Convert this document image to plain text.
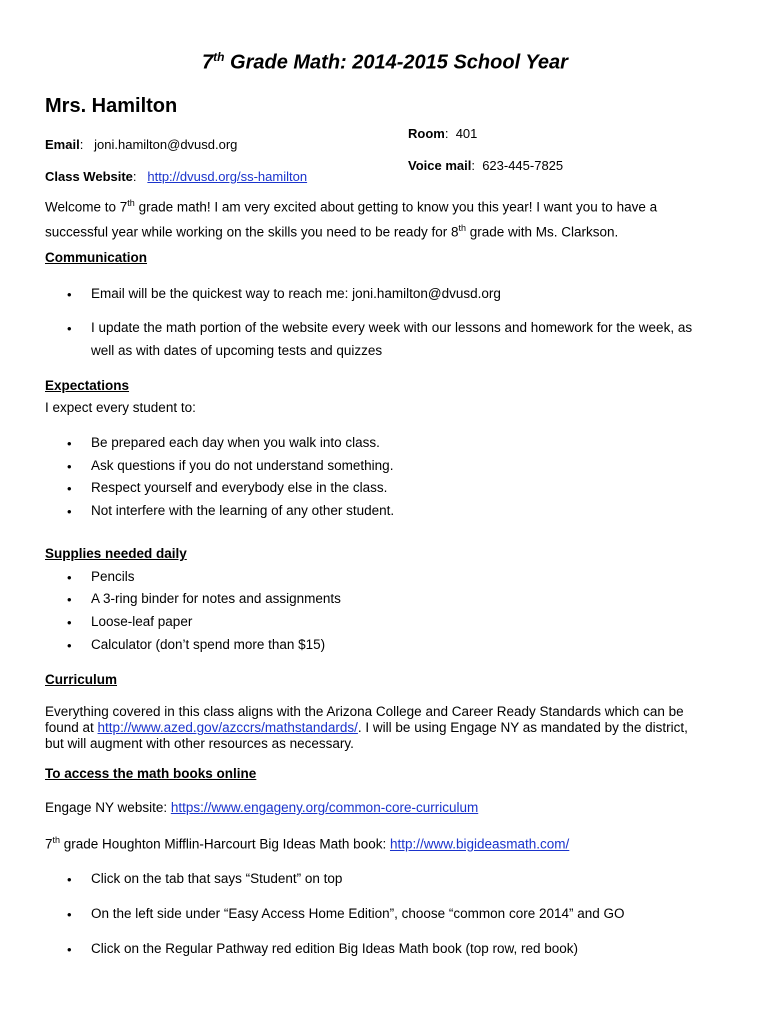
7th Grade Math: 2014-2015 School Year
Mrs. Hamilton
Email:   joni.hamilton@dvusd.org
Room:  401
Voice mail:  623-445-7825
Class Website:   http://dvusd.org/ss-hamilton
Welcome to 7th grade math! I am very excited about getting to know you this year! I want you to have a
successful year while working on the skills you need to be ready for 8th grade with Ms. Clarkson.
Communication
• Email will be the quickest way to reach me: joni.hamilton@dvusd.org
• I update the math portion of the website every week with our lessons and homework for the week, as
well as with dates of upcoming tests and quizzes
Expectations
I expect every student to:
• Be prepared each day when you walk into class.
• Ask questions if you do not understand something.
• Respect yourself and everybody else in the class.
• Not interfere with the learning of any other student.
Supplies needed daily
• Pencils
• A 3-ring binder for notes and assignments
• Loose-leaf paper
• Calculator (don’t spend more than $15)
Curriculum
Everything covered in this class aligns with the Arizona College and Career Ready Standards which can be
found at http://www.azed.gov/azccrs/mathstandards/. I will be using Engage NY as mandated by the district,
but will augment with other resources as necessary.
To access the math books online
Engage NY website: https://www.engageny.org/common-core-curriculum
7th grade Houghton Mifflin-Harcourt Big Ideas Math book: http://www.bigideasmath.com/
• Click on the tab that says “Student” on top
• On the left side under “Easy Access Home Edition”, choose “common core 2014” and GO
• Click on the Regular Pathway red edition Big Ideas Math book (top row, red book)
